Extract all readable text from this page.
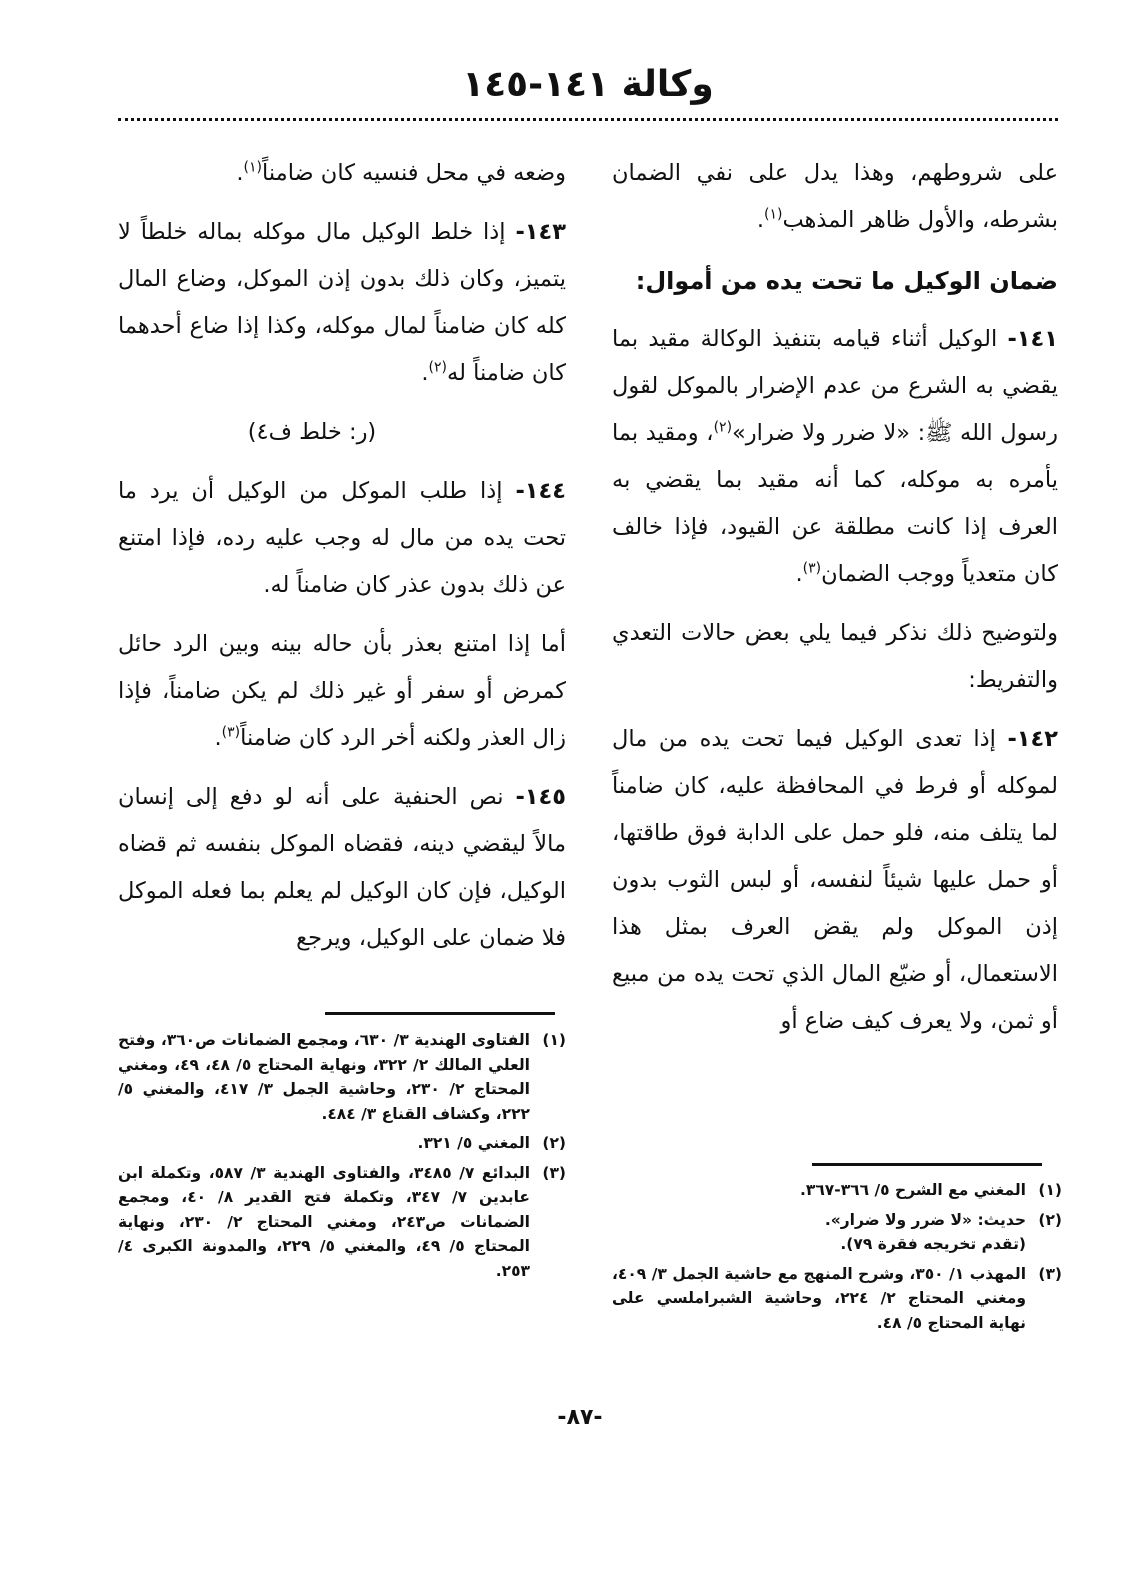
وكالة ١٤١-١٤٥

على شروطهم، وهذا يدل على نفي الضمان بشرطه، والأول ظاهر المذهب$^{(١)}$.

ضمان الوكيل ما تحت يده من أموال:

١٤١- الوكيل أثناء قيامه بتنفيذ الوكالة مقيد بما يقضي به الشرع من عدم الإضرار بالموكل لقول رسول الله ﷺ: «لا ضرر ولا ضرار»$^{(٢)}$، ومقيد بما يأمره به موكله، كما أنه مقيد بما يقضي به العرف إذا كانت مطلقة عن القيود، فإذا خالف كان متعدياً ووجب الضمان$^{(٣)}$.

ولتوضيح ذلك نذكر فيما يلي بعض حالات التعدي والتفريط:

١٤٢- إذا تعدى الوكيل فيما تحت يده من مال لموكله أو فرط في المحافظة عليه، كان ضامناً لما يتلف منه، فلو حمل على الدابة فوق طاقتها، أو حمل عليها شيئاً لنفسه، أو لبس الثوب بدون إذن الموكل ولم يقض العرف بمثل هذا الاستعمال، أو ضيّع المال الذي تحت يده من مبيع أو ثمن، ولا يعرف كيف ضاع أو

وضعه في محل فنسيه كان ضامناً$^{(١)}$.

١٤٣- إذا خلط الوكيل مال موكله بماله خلطاً لا يتميز، وكان ذلك بدون إذن الموكل، وضاع المال كله كان ضامناً لمال موكله، وكذا إذا ضاع أحدهما كان ضامناً له$^{(٢)}$.

(ر: خلط ف٤)

١٤٤- إذا طلب الموكل من الوكيل أن يرد ما تحت يده من مال له وجب عليه رده، فإذا امتنع عن ذلك بدون عذر كان ضامناً له.

أما إذا امتنع بعذر بأن حاله بينه وبين الرد حائل كمرض أو سفر أو غير ذلك لم يكن ضامناً، فإذا زال العذر ولكنه أخر الرد كان ضامناً$^{(٣)}$.

١٤٥- نص الحنفية على أنه لو دفع إلى إنسان مالاً ليقضي دينه، فقضاه الموكل بنفسه ثم قضاه الوكيل، فإن كان الوكيل لم يعلم بما فعله الموكل فلا ضمان على الوكيل، ويرجع

(١)
المغني مع الشرح ٥/ ٣٦٦-٣٦٧.
(٢)
حديث: «لا ضرر ولا ضرار».
(تقدم تخريجه فقرة ٧٩).
(٣)
المهذب ١/ ٣٥٠، وشرح المنهج مع حاشية الجمل ٣/ ٤٠٩، ومغني المحتاج ٢/ ٢٢٤، وحاشية الشبراملسي على نهاية المحتاج ٥/ ٤٨.
(١)
الفتاوى الهندية ٣/ ٦٣٠، ومجمع الضمانات ص٣٦٠، وفتح العلي المالك ٢/ ٣٢٢، ونهاية المحتاج ٥/ ٤٨، ٤٩، ومغني المحتاج ٢/ ٢٣٠، وحاشية الجمل ٣/ ٤١٧، والمغني ٥/ ٢٢٢، وكشاف القناع ٣/ ٤٨٤.
(٢)
المغني ٥/ ٣٢١.
(٣)
البدائع ٧/ ٣٤٨٥، والفتاوى الهندية ٣/ ٥٨٧، وتكملة ابن عابدين ٧/ ٣٤٧، وتكملة فتح القدير ٨/ ٤٠، ومجمع الضمانات ص٢٤٣، ومغني المحتاج ٢/ ٢٣٠، ونهاية المحتاج ٥/ ٤٩، والمغني ٥/ ٢٢٩، والمدونة الكبرى ٤/ ٢٥٣.
-٨٧-
